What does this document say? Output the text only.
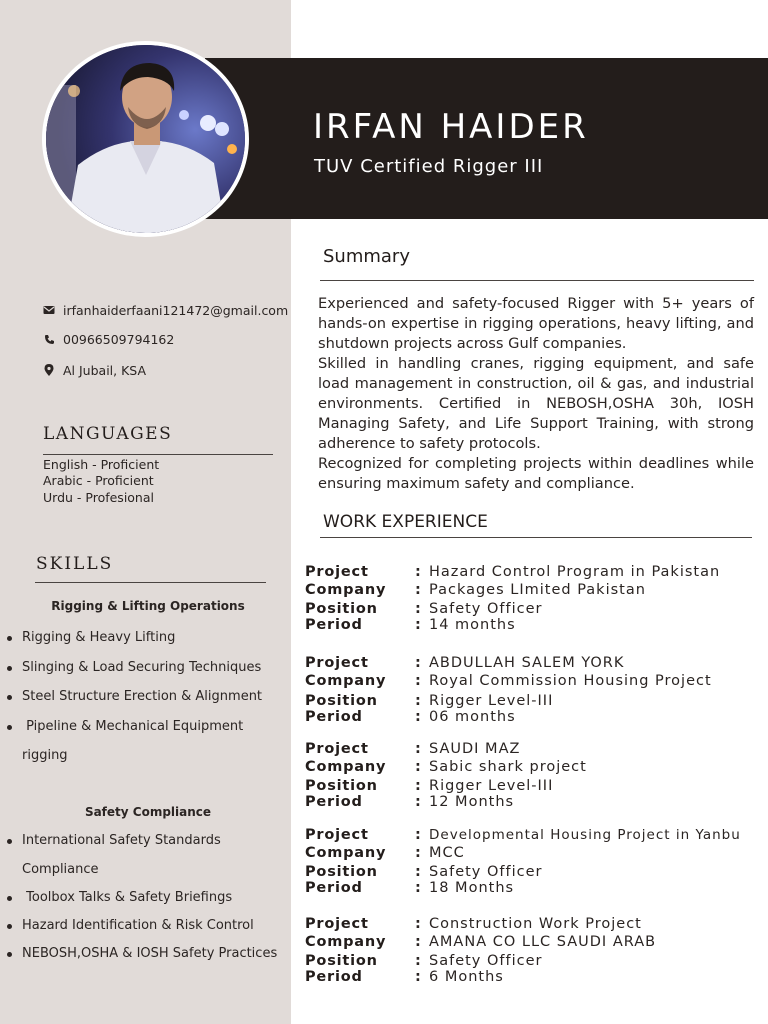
IRFAN HAIDER
TUV Certified Rigger III
irfanhaiderfaani121472@gmail.com
00966509794162
Al Jubail, KSA
LANGUAGES
English - Proficient
Arabic - Proficient
Urdu - Profesional
SKILLS
Rigging & Lifting Operations
Rigging & Heavy Lifting
Slinging & Load Securing Techniques
Steel Structure Erection & Alignment
Pipeline & Mechanical Equipment
rigging
Safety Compliance
International Safety Standards
Compliance
Toolbox Talks & Safety Briefings
Hazard Identification & Risk Control
NEBOSH,OSHA & IOSH Safety Practices
Summary

Experienced and safety-focused Rigger with 5+ years of hands-on expertise in rigging operations, heavy lifting, and shutdown projects across Gulf companies.

Skilled in handling cranes, rigging equipment, and safe load management in construction, oil & gas, and industrial environments. Certified in NEBOSH,OSHA 30h, IOSH Managing Safety, and Life Support Training, with strong adherence to safety protocols.

Recognized for completing projects within deadlines while ensuring maximum safety and compliance.

WORK EXPERIENCE
Project	: Hazard Control Program in Pakistan
Company	: Packages LImited Pakistan
Position	: Safety Officer
Period	: 14 months
Project	: ABDULLAH SALEM YORK
Company	: Royal Commission Housing Project
Position	: Rigger Level-III
Period	: 06 months
Project	: SAUDI MAZ
Company	: Sabic shark project
Position	: Rigger Level-III
Period	: 12 Months
Project	: Developmental Housing Project in Yanbu
Company	: MCC
Position	: Safety Officer
Period	: 18 Months
Project	: Construction Work Project
Company	: AMANA CO LLC SAUDI ARAB
Position	: Safety Officer
Period	: 6 Months
